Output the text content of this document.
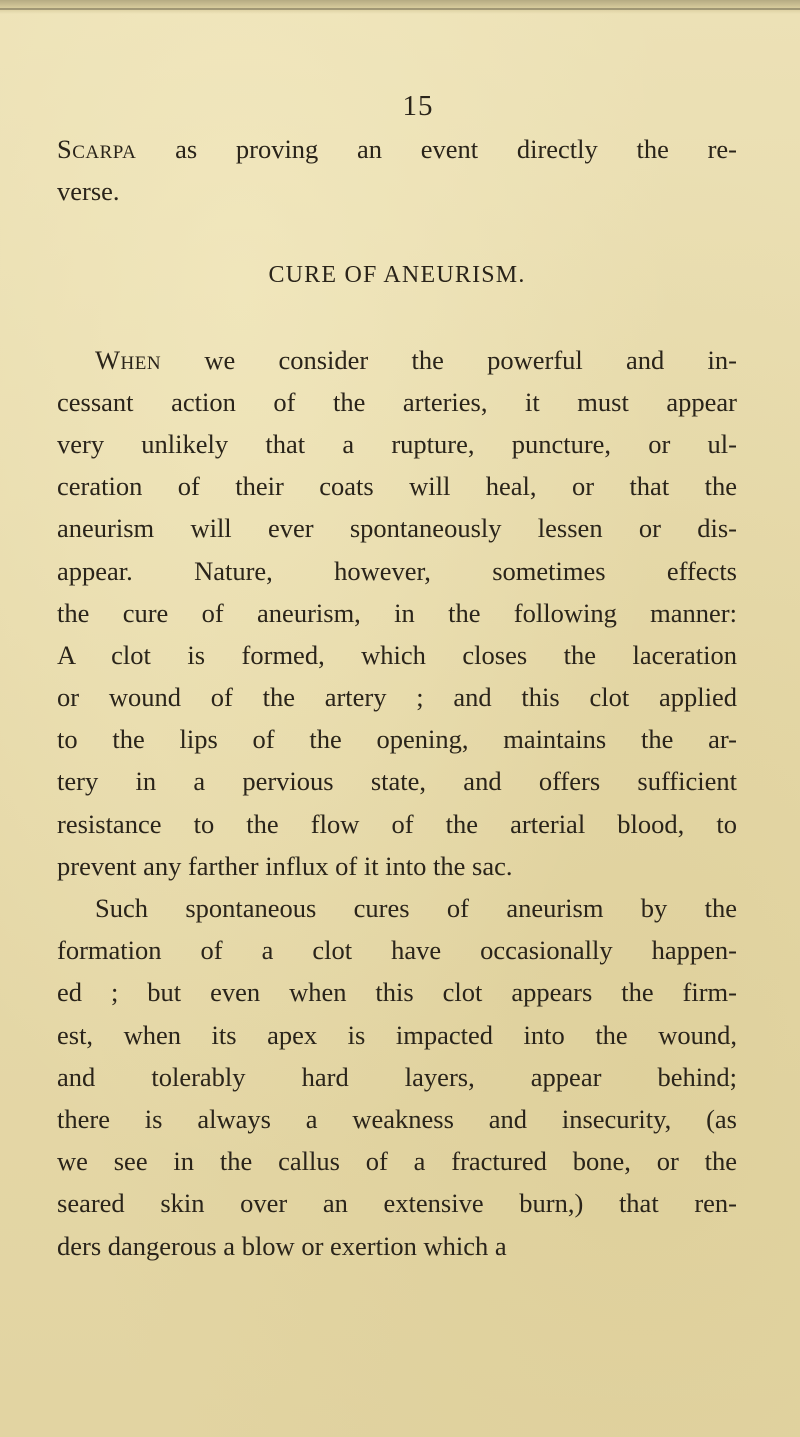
15
Scarpa as proving an event directly the re-
verse.
CURE OF ANEURISM.
When we consider the powerful and in-
cessant action of the arteries, it must appear
very unlikely that a rupture, puncture, or ul-
ceration of their coats will heal, or that the
aneurism will ever spontaneously lessen or dis-
appear. Nature, however, sometimes effects
the cure of aneurism, in the following manner:
A clot is formed, which closes the laceration
or wound of the artery ; and this clot applied
to the lips of the opening, maintains the ar-
tery in a pervious state, and offers sufficient
resistance to the flow of the arterial blood, to
prevent any farther influx of it into the sac.
Such spontaneous cures of aneurism by the
formation of a clot have occasionally happen-
ed ; but even when this clot appears the firm-
est, when its apex is impacted into the wound,
and tolerably hard layers, appear behind;
there is always a weakness and insecurity, (as
we see in the callus of a fractured bone, or the
seared skin over an extensive burn,) that ren-
ders dangerous a blow or exertion which a
